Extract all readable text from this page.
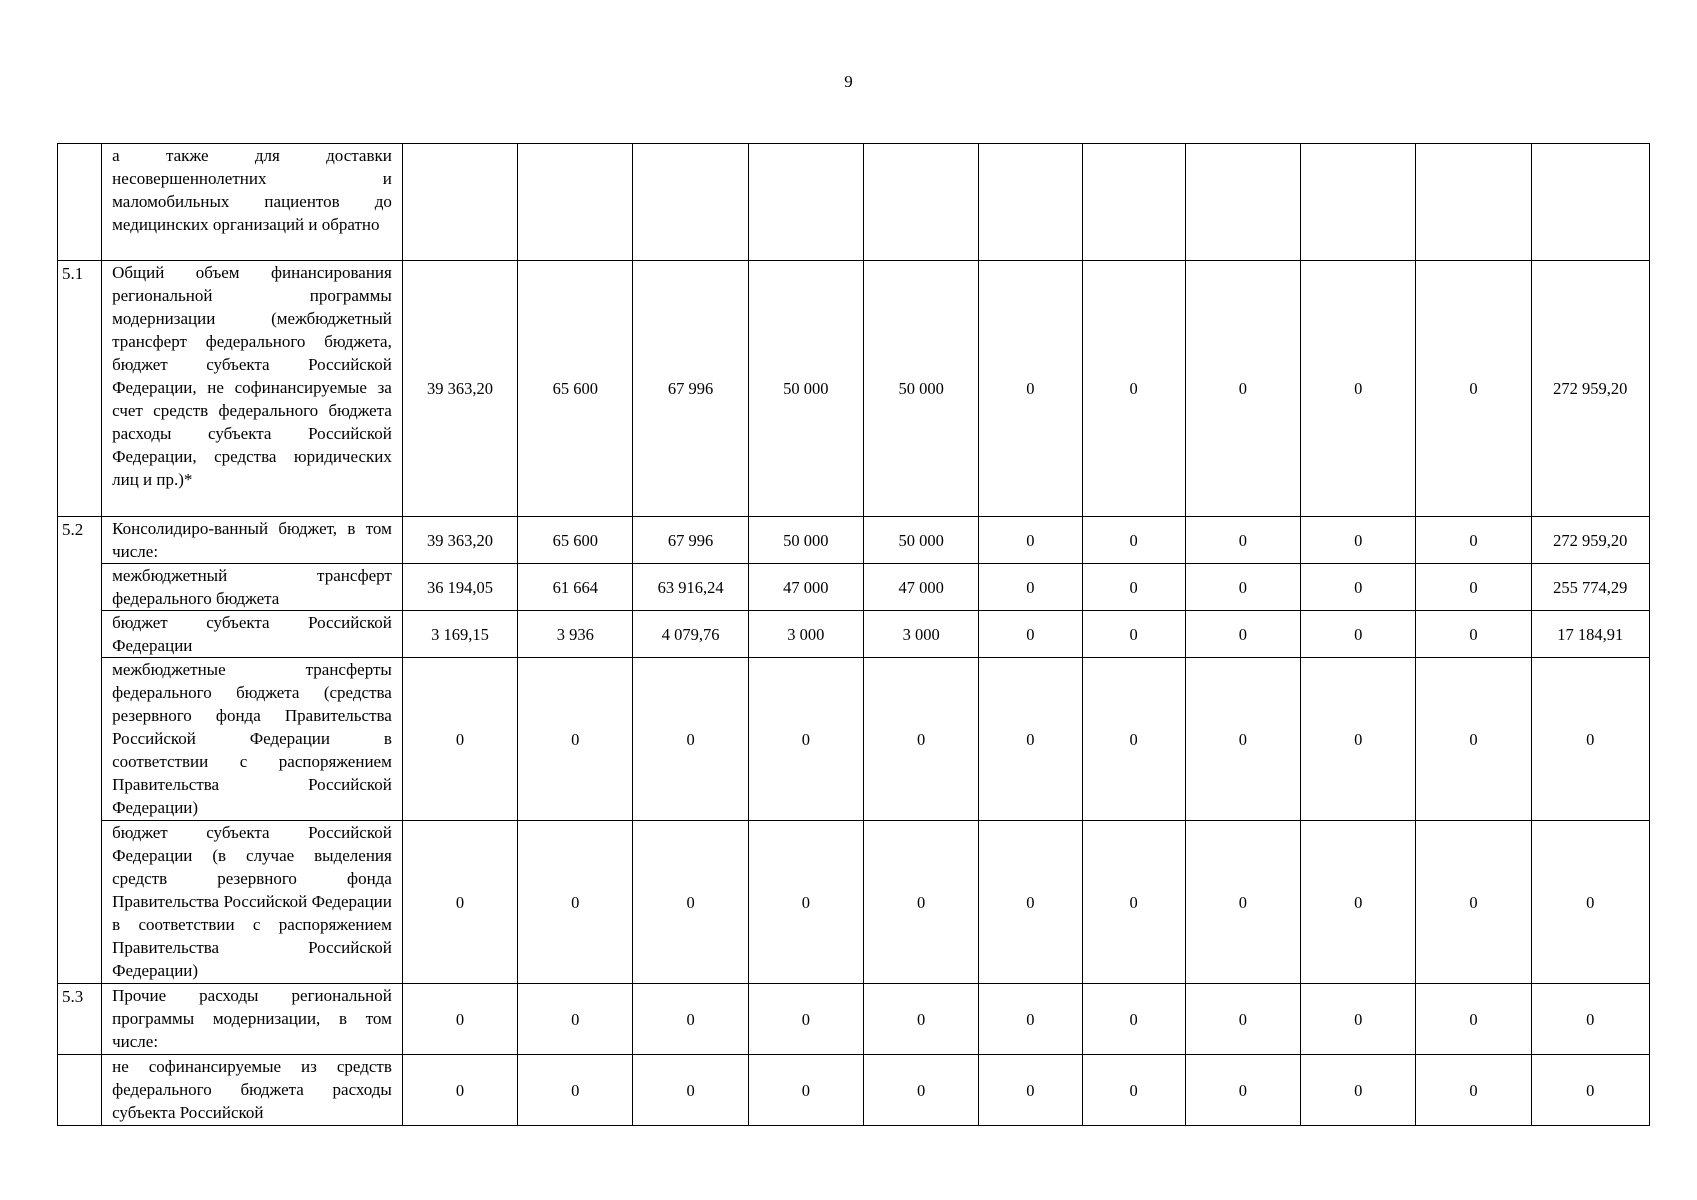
9
	а также для доставки несовершеннолетних и маломобильных пациентов до медицинских организаций и обратно											
5.1	Общий объем финансирования региональной программы модернизации (межбюджетный трансферт федерального бюджета, бюджет субъекта Российской Федерации, не софинансируемые за счет средств федерального бюджета расходы субъекта Российской Федерации, средства юридических лиц и пр.)*	39 363,20	65 600	67 996	50 000	50 000	0	0	0	0	0	272 959,20
5.2	Консолидиро-ванный бюджет, в том числе:	39 363,20	65 600	67 996	50 000	50 000	0	0	0	0	0	272 959,20
	межбюджетный трансферт федерального бюджета	36 194,05	61 664	63 916,24	47 000	47 000	0	0	0	0	0	255 774,29
	бюджет субъекта Российской Федерации	3 169,15	3 936	4 079,76	3 000	3 000	0	0	0	0	0	17 184,91
	межбюджетные трансферты федерального бюджета (средства резервного фонда Правительства Российской Федерации в соответствии с распоряжением Правительства Российской Федерации)	0	0	0	0	0	0	0	0	0	0	0
	бюджет субъекта Российской Федерации (в случае выделения средств резервного фонда Правительства Российской Федерации в соответствии с распоряжением Правительства Российской Федерации)	0	0	0	0	0	0	0	0	0	0	0
5.3	Прочие расходы региональной программы модернизации, в том числе:	0	0	0	0	0	0	0	0	0	0	0
	не софинансируемые из средств федерального бюджета расходы субъекта Российской	0	0	0	0	0	0	0	0	0	0	0
